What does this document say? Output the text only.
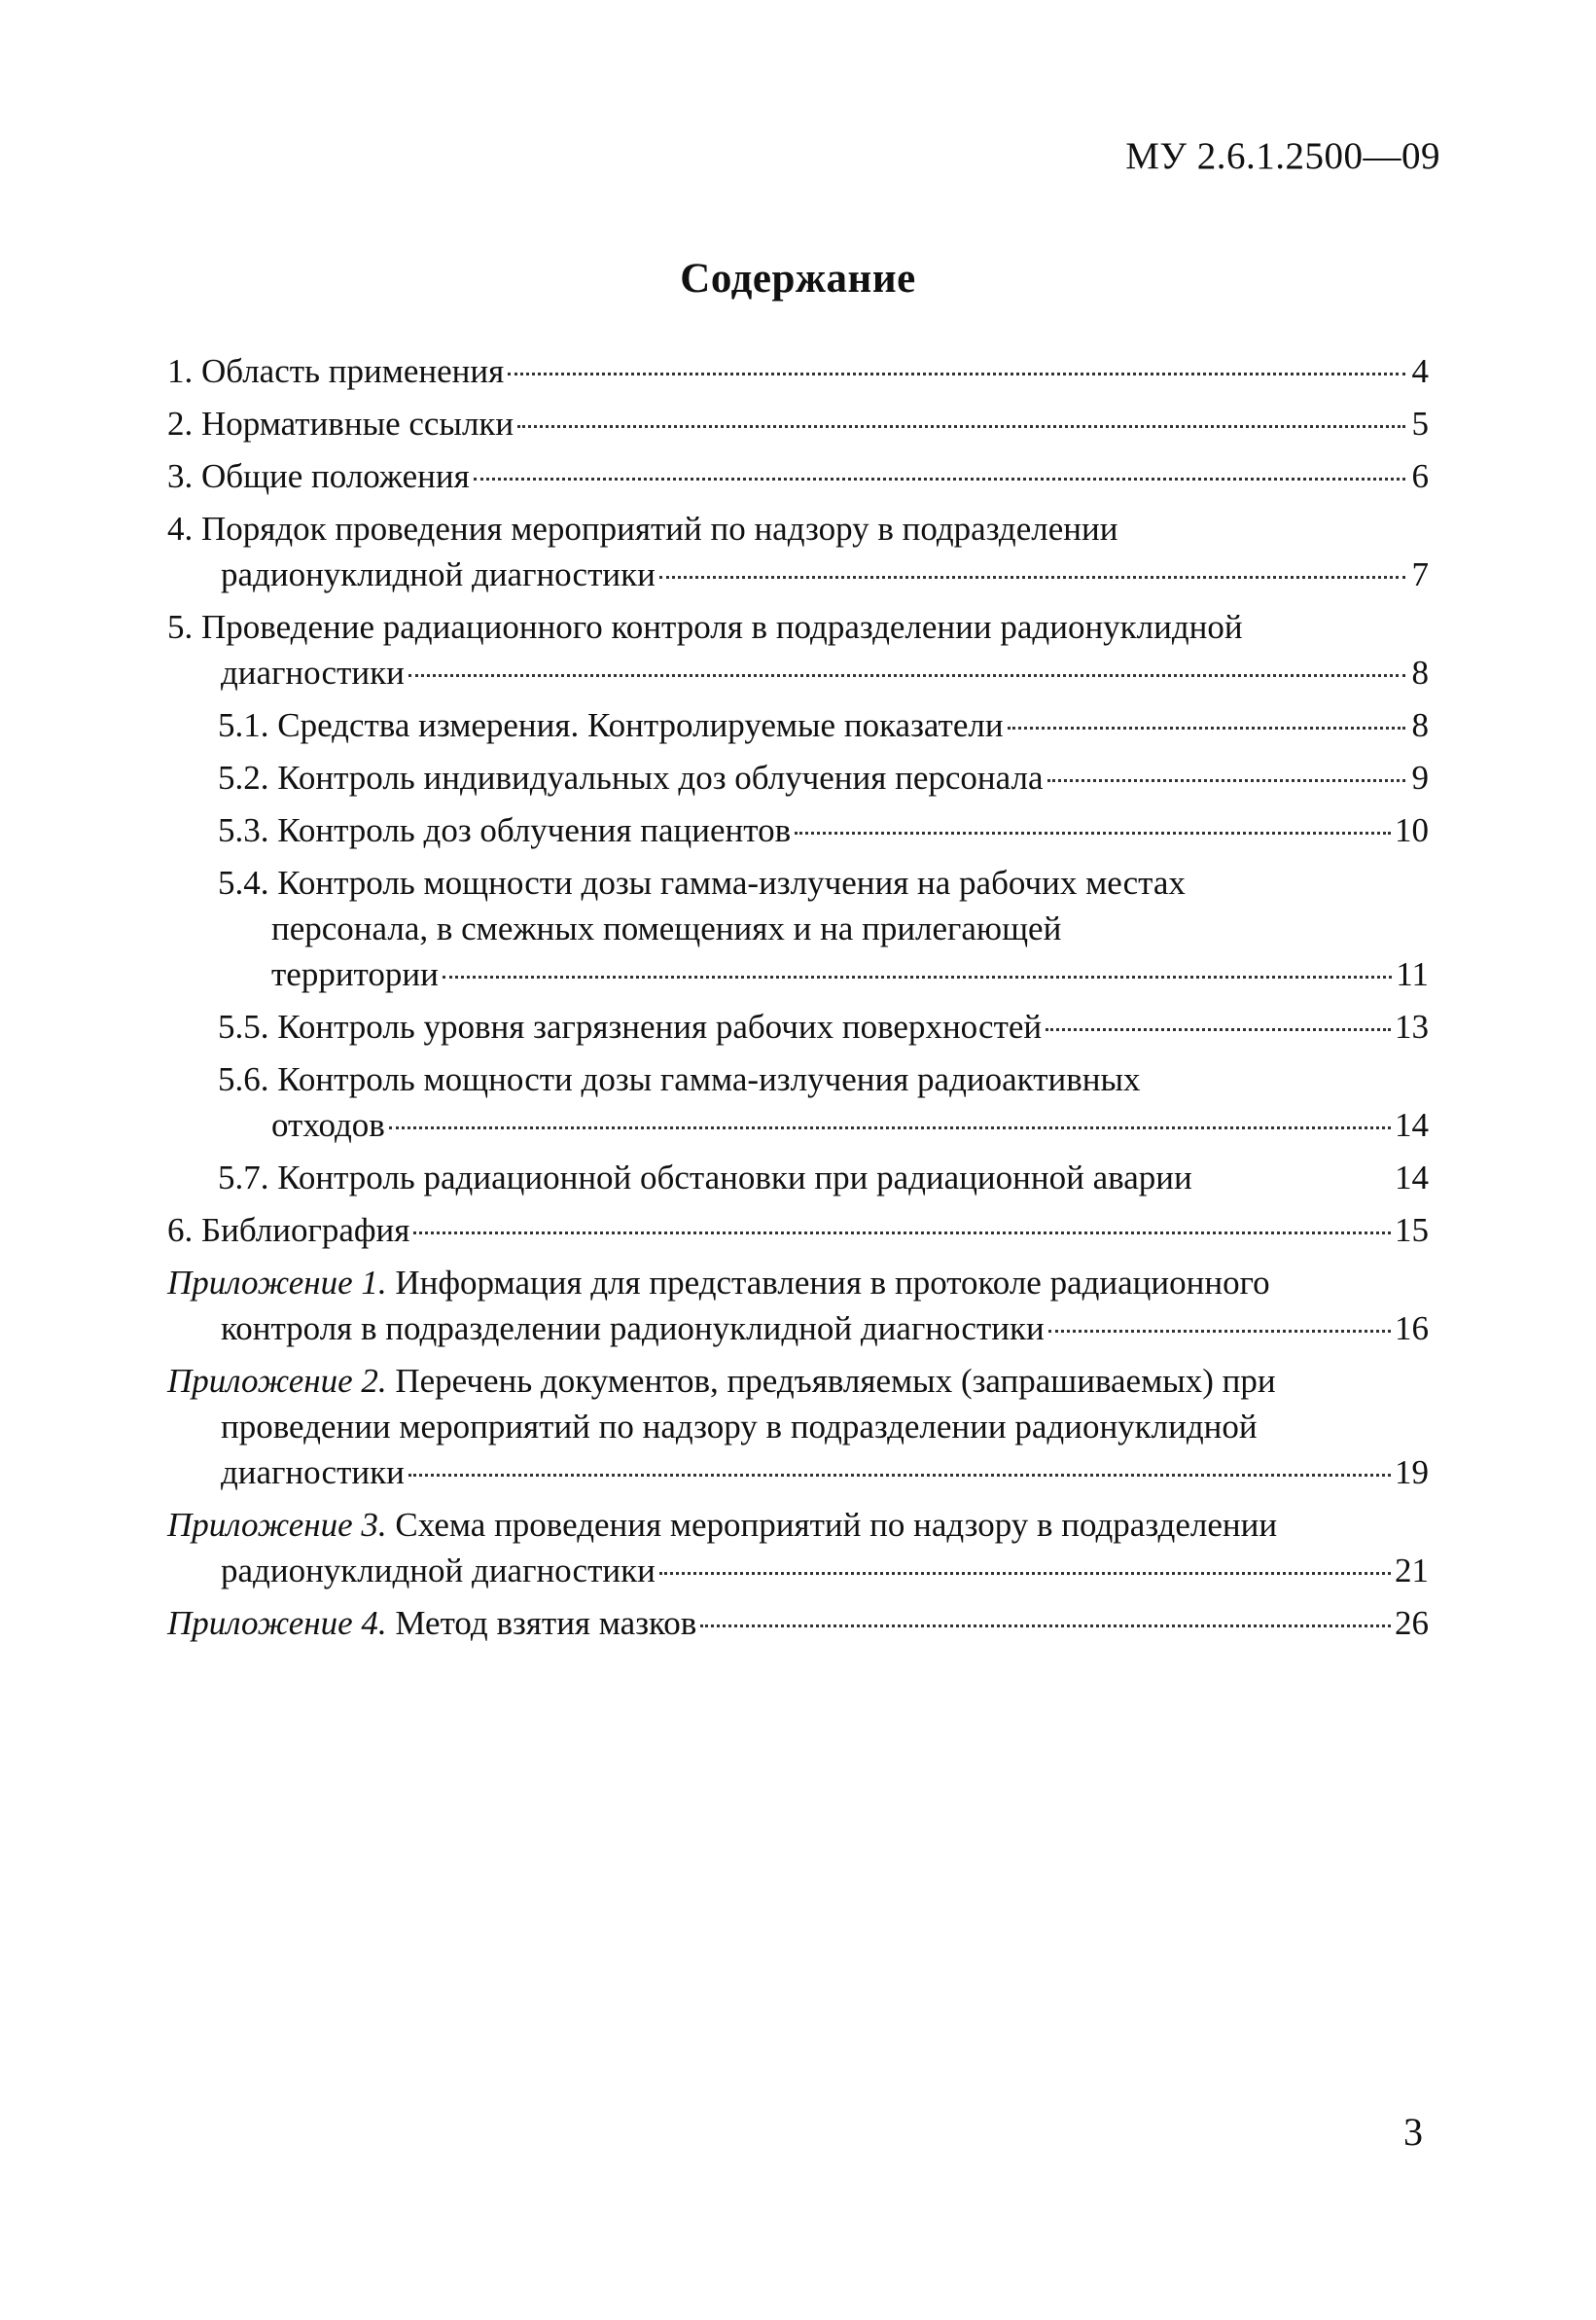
МУ 2.6.1.2500—09
Содержание
1. Область применения	4
2. Нормативные ссылки	5
3. Общие положения	6
4. Порядок проведения мероприятий по надзору в подразделении
радионуклидной диагностики	7
5. Проведение радиационного контроля в подразделении радионуклидной
диагностики	8
5.1. Средства измерения. Контролируемые показатели	8
5.2. Контроль индивидуальных доз облучения персонала	9
5.3. Контроль доз облучения пациентов	10
5.4. Контроль мощности дозы гамма-излучения на рабочих местах
персонала, в смежных помещениях и на прилегающей
территории	11
5.5. Контроль уровня загрязнения рабочих поверхностей	13
5.6. Контроль мощности дозы гамма-излучения радиоактивных
отходов	14
5.7. Контроль радиационной обстановки при радиационной аварии	14
6. Библиография	15
Приложение 1. Информация для представления в протоколе радиационного
контроля в подразделении радионуклидной диагностики	16
Приложение 2. Перечень документов, предъявляемых (запрашиваемых) при
проведении мероприятий по надзору в подразделении радионуклидной
диагностики	19
Приложение 3. Схема проведения мероприятий по надзору в подразделении
радионуклидной диагностики	21
Приложение 4. Метод взятия мазков	26
3
